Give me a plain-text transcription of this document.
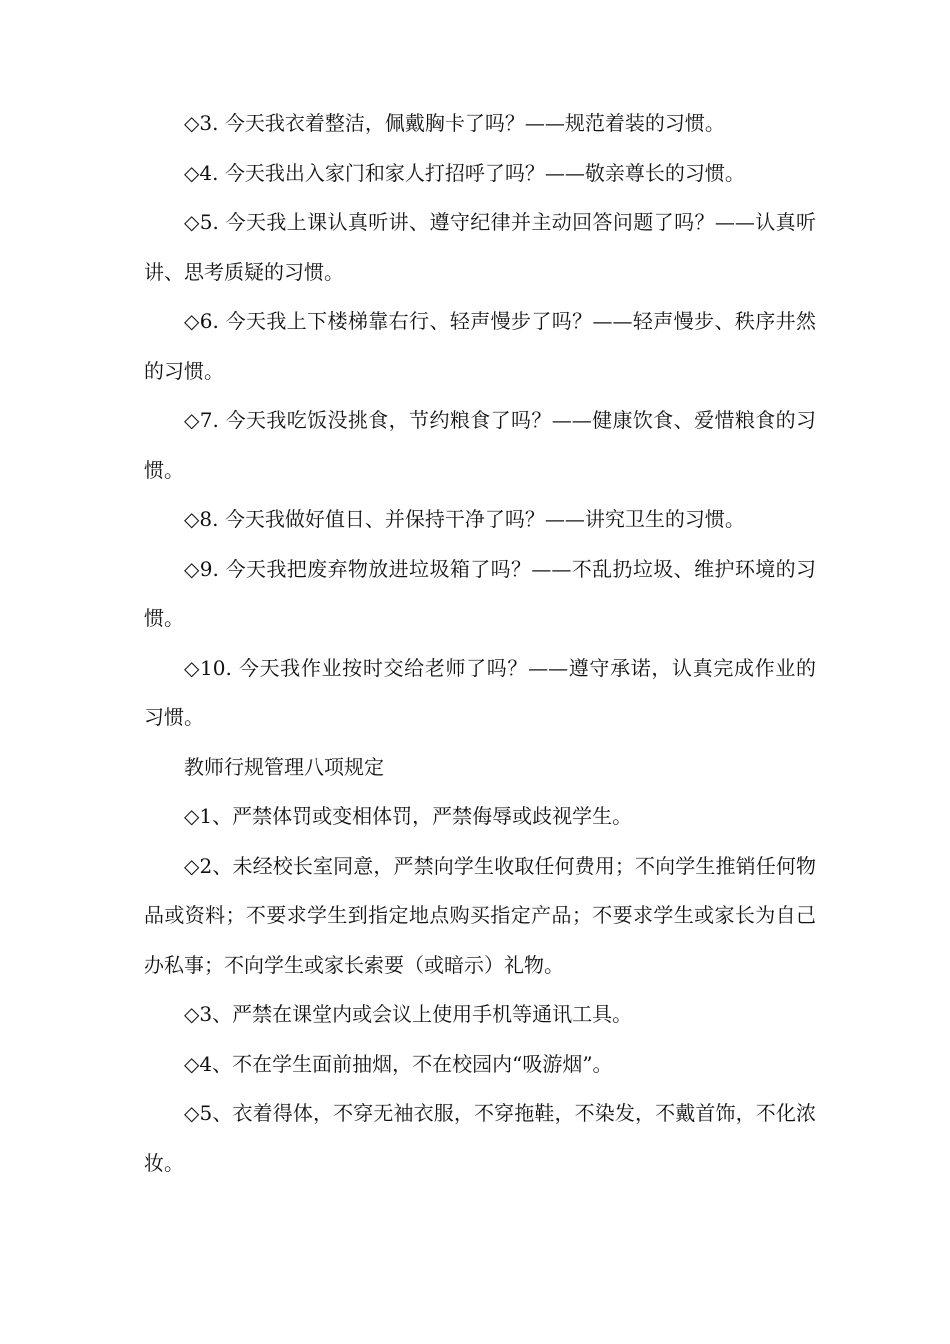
◇3. 今天我衣着整洁，佩戴胸卡了吗？——规范着装的习惯。

◇4. 今天我出入家门和家人打招呼了吗？——敬亲尊长的习惯。

◇5. 今天我上课认真听讲、遵守纪律并主动回答问题了吗？——认真听讲、思考质疑的习惯。

◇6. 今天我上下楼梯靠右行、轻声慢步了吗？——轻声慢步、秩序井然的习惯。

◇7. 今天我吃饭没挑食，节约粮食了吗？——健康饮食、爱惜粮食的习惯。

◇8. 今天我做好值日、并保持干净了吗？——讲究卫生的习惯。

◇9. 今天我把废弃物放进垃圾箱了吗？——不乱扔垃圾、维护环境的习惯。

◇10. 今天我作业按时交给老师了吗？——遵守承诺，认真完成作业的习惯。

教师行规管理八项规定

◇1、严禁体罚或变相体罚，严禁侮辱或歧视学生。

◇2、未经校长室同意，严禁向学生收取任何费用；不向学生推销任何物品或资料；不要求学生到指定地点购买指定产品；不要求学生或家长为自己办私事；不向学生或家长索要（或暗示）礼物。

◇3、严禁在课堂内或会议上使用手机等通讯工具。

◇4、不在学生面前抽烟，不在校园内“吸游烟”。

◇5、衣着得体，不穿无袖衣服，不穿拖鞋，不染发，不戴首饰，不化浓妆。
